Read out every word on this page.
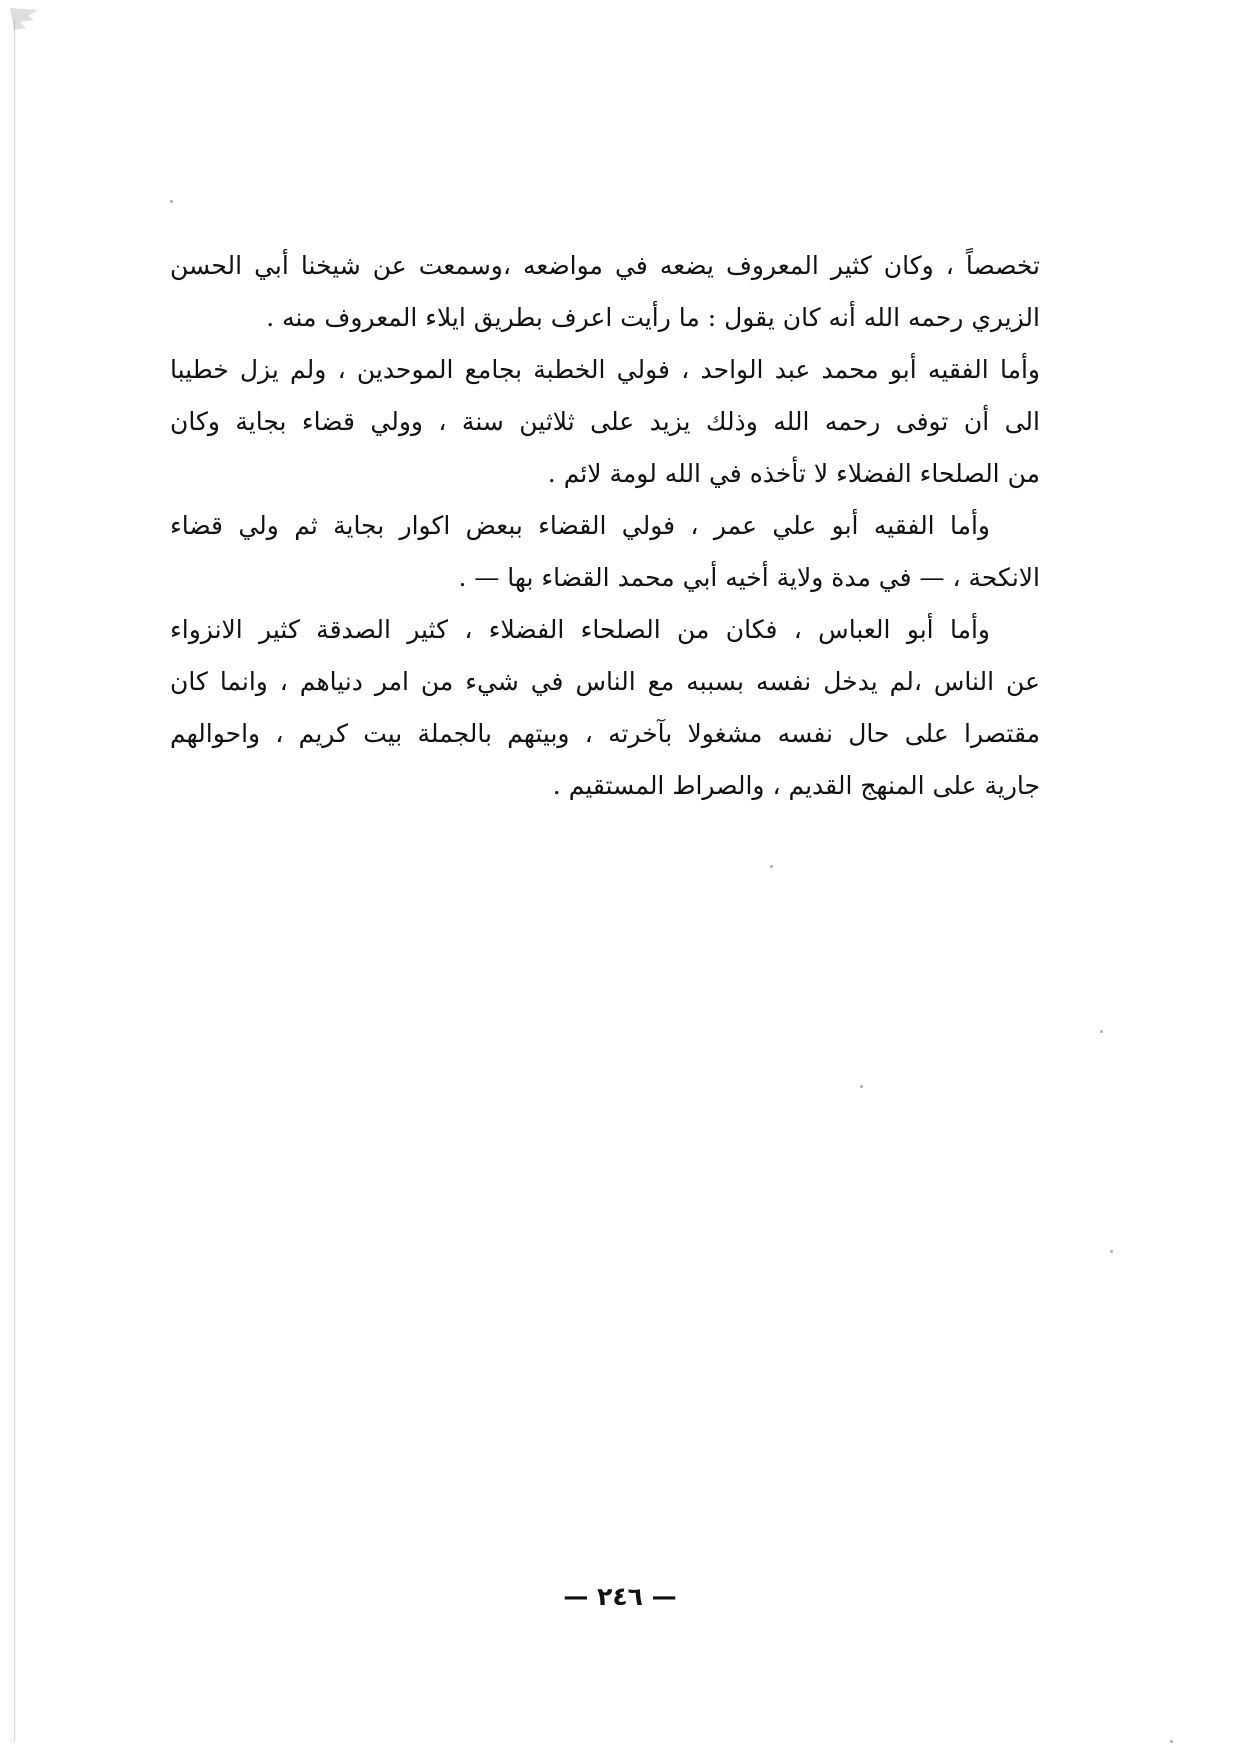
تخصصاً ، وكان كثير المعروف يضعه في مواضعه ،وسمعت عن شيخنا أبي الحسن
الزيري رحمه الله أنه كان يقول : ما رأيت اعرف بطريق ايلاء المعروف منه .
وأما الفقيه أبو محمد عبد الواحد ، فولي الخطبة بجامع الموحدين ، ولم يزل خطيبا
الى أن توفى رحمه الله وذلك يزيد على ثلاثين سنة ، وولي قضاء بجاية وكان
من الصلحاء الفضلاء لا تأخذه في الله لومة لائم .
وأما الفقيه أبو علي عمر ، فولي القضاء ببعض اكوار بجاية ثم ولي قضاء
الانكحة ، — في مدة ولاية أخيه أبي محمد القضاء بها — .
وأما أبو العباس ، فكان من الصلحاء الفضلاء ، كثير الصدقة كثير الانزواء
عن الناس ،لم يدخل نفسه بسببه مع الناس في شيء من امر دنياهم ، وانما كان
مقتصرا على حال نفسه مشغولا بآخرته ، وبيتهم بالجملة بيت كريم ، واحوالهم
جارية على المنهج القديم ، والصراط المستقيم .
— ٢٤٦ —
